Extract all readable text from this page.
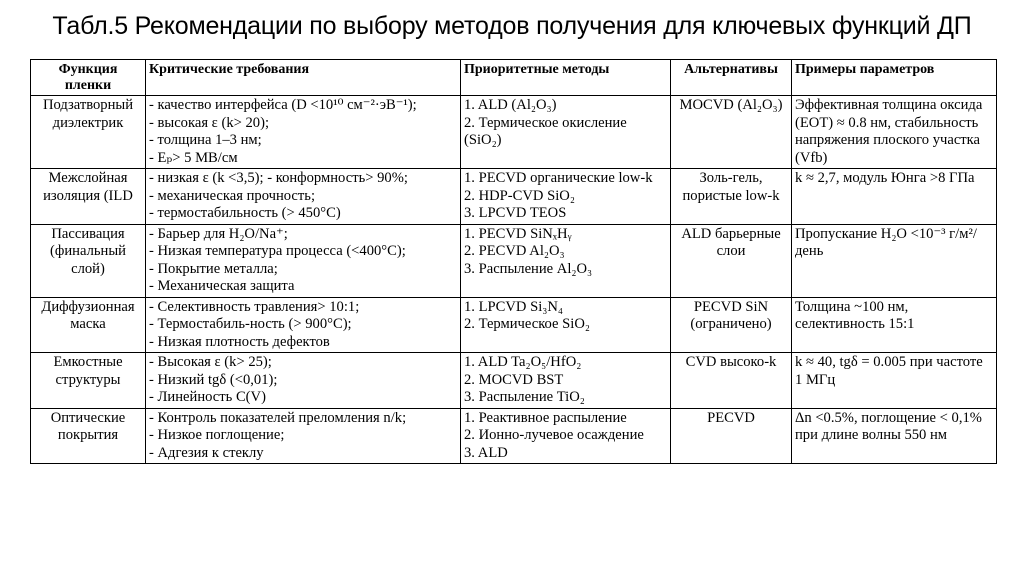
Табл.5 Рекомендации по выбору методов получения для ключевых функций ДП
Функция пленки	Критические требования	Приоритетные методы	Альтернативы	Примеры параметров
Подзатворный диэлектрик	- качество интерфейса (D <10¹⁰ см⁻²·эВ⁻¹);
- высокая ε (k> 20);
- толщина 1–3 нм;
- Eₚ> 5 МВ/см	1. ALD (Al₂O₃)
2. Термическое окисление (SiO₂)	MOCVD (Al₂O₃)	Эффективная толщина оксида (EOT) ≈ 0.8 нм, стабильность напряжения плоского участка (Vfb)
Межслойная изоляция (ILD	- низкая ε (k <3,5); - конформность> 90%;
- механическая прочность;
- термостабильность (> 450°C)	1. PECVD органические low-k
2. HDP-CVD SiO₂
3. LPCVD TEOS	Золь-гель, пористые low-k	k ≈ 2,7, модуль Юнга >8 ГПа
Пассивация (финальный слой)	- Барьер для H₂O/Na⁺;
- Низкая температура процесса (<400°C);
- Покрытие металла;
- Механическая защита	1. PECVD SiNₓHᵧ
2. PECVD Al₂O₃
3. Распыление Al₂O₃	ALD барьерные слои	Пропускание H₂O <10⁻³ г/м²/день
Диффузионная маска	- Селективность травления> 10:1;
- Термостабиль-ность (> 900°C);
- Низкая плотность дефектов	1. LPCVD Si₃N₄
2. Термическое SiO₂	PECVD SiN (ограничено)	Толщина ~100 нм, селективность 15:1
Емкостные структуры	- Высокая ε (k> 25);
- Низкий tgδ (<0,01);
- Линейность C(V)	1. ALD Ta₂O₅/HfO₂
2. MOCVD BST
3. Распыление TiO₂	CVD высоко-k	k ≈ 40, tgδ = 0.005 при частоте 1 МГц
Оптические покрытия	- Контроль показателей преломления n/k;
- Низкое поглощение;
- Адгезия к стеклу	1. Реактивное распыление
2. Ионно-лучевое осаждение
3. ALD	PECVD	Δn <0.5%, поглощение < 0,1% при длине волны 550 нм
